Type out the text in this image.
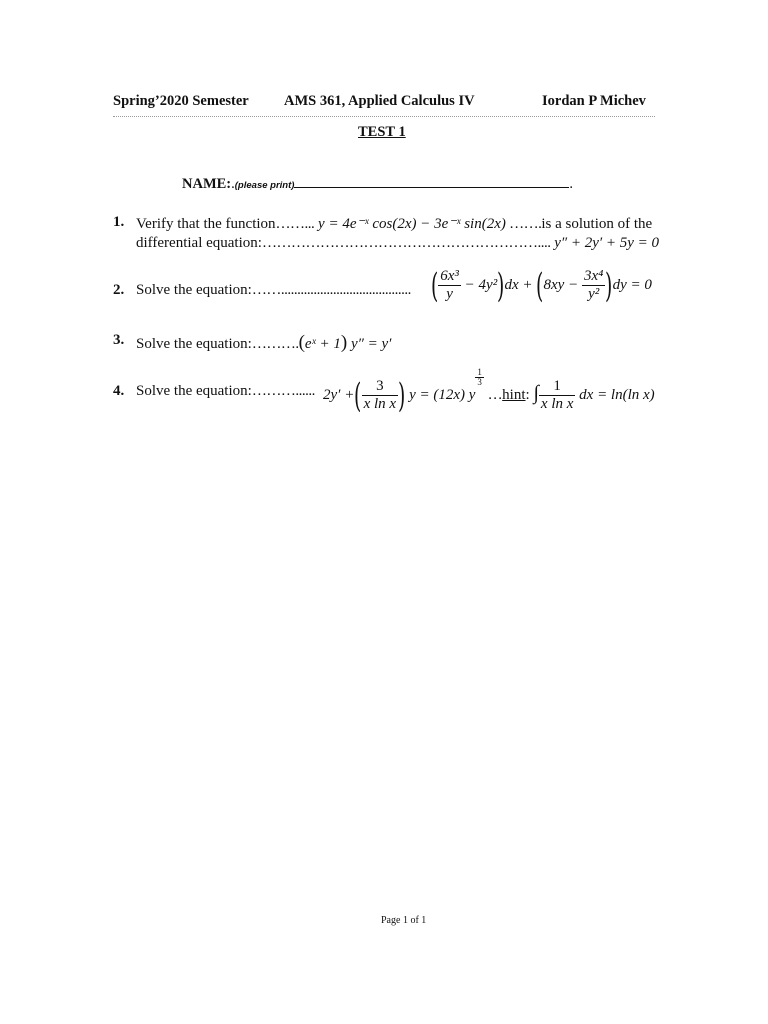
Spring’2020 Semester AMS 361, Applied Calculus IV	Iordan P Michev
TEST 1
NAME:.(please print)	.
1. Verify that the function……... y = 4e⁻ˣ cos(2x) − 3e⁻ˣ sin(2x) …….is a solution of the
differential equation:………………………………………………….... y″ + 2y′ + 5y = 0
2. Solve the equation:……........................................ ( $\frac{\text{6x³}}{y} - 4y^2)dx + (8xy - \frac{\text{3x⁴}}{\text{y²}} )dy = 0$
3. Solve the equation:……….(eˣ + 1) y″ = y′
4. Solve the equation:………...... 2y′ +( $\frac{3}{\text{x ln x}}$ ) y = (12x) y
$\frac{1}{3}$
…hint: ∫ $\frac{1}{\text{x ln x}}$ dx = ln(ln x)
Page 1 of 1
